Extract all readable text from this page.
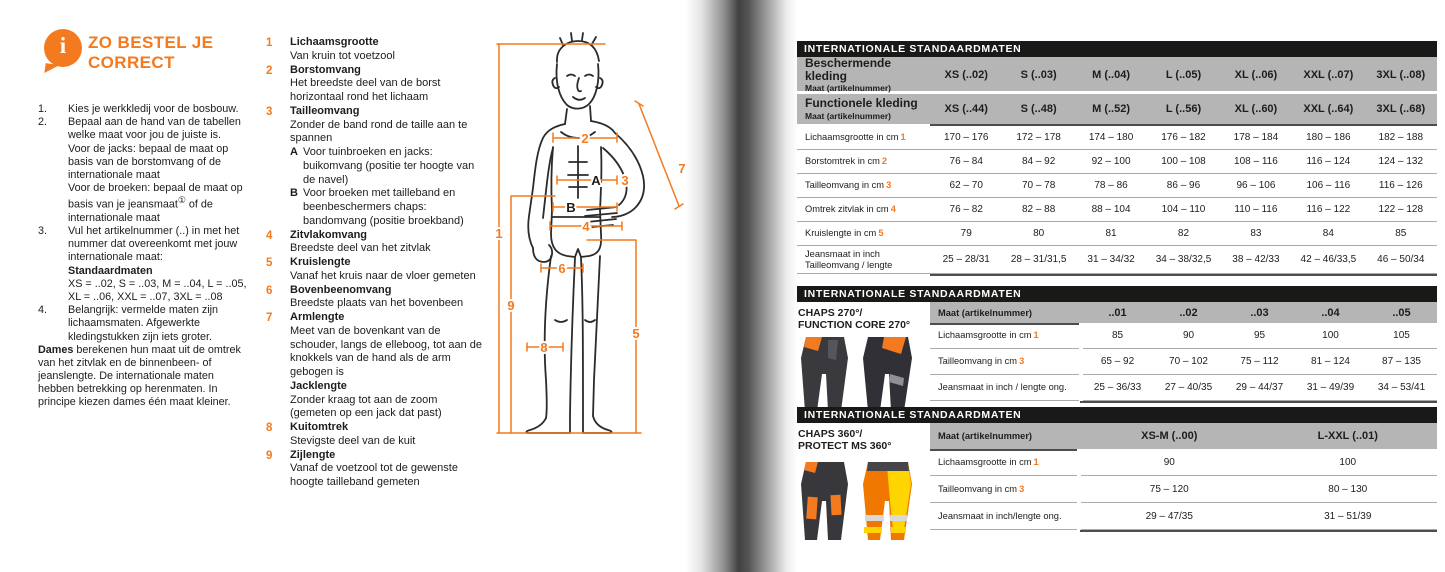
i	ZO BESTEL JE
CORRECT
1.	Kies je werkkledij voor de bosbouw.

2.	Bepaal aan de hand van de tabellen welke maat voor jou de juiste is.

Voor de jacks: bepaal de maat op basis van de borstomvang of de internationale maat

Voor de broeken: bepaal de maat op basis van je jeansmaat① of de internationale maat

3.	Vul het artikelnummer (..) in met het nummer dat overeenkomt met jouw internationale maat:

Standaardmaten

XS = ..02, S = ..03, M = ..04, L = ..05, XL = ..06, XXL = ..07, 3XL = ..08

4.	Belangrijk: vermelde maten zijn lichaamsmaten. Afgewerkte kledingstukken zijn iets groter.

Dames berekenen hun maat uit de omtrek van het zitvlak en de binnenbeen- of jeanslengte. De internationale maten hebben betrekking op herenmaten. In principe kiezen dames één maat kleiner.

1	Lichaamsgrootte

Van kruin tot voetzool

2	Borstomvang

Het breedste deel van de borst horizontaal rond het lichaam

3	Tailleomvang

Zonder de band rond de taille aan te spannen

A Voor tuinbroeken en jacks: buikomvang (positie ter hoogte van de navel)

B Voor broeken met tailleband en beenbeschermers chaps: bandomvang (positie broekband)

4	Zitvlakomvang

Breedste deel van het zitvlak

5	Kruislengte

Vanaf het kruis naar de vloer gemeten

6	Bovenbeenomvang

Breedste plaats van het bovenbeen

7	Armlengte

Meet van de bovenkant van de schouder, langs de elleboog, tot aan de knokkels van de hand als de arm gebogen is

Jacklengte

Zonder kraag tot aan de zoom (gemeten op een jack dat past)

8	Kuitomtrek

Stevigste deel van de kuit

9	Zijlengte

Vanaf de voetzool tot de gewenste hoogte tailleband gemeten

1
2
A 3
B
4
5
6
7
8
9
INTERNATIONALE STANDAARDMATEN
Beschermende kleding
Maat (artikelnummer)
XS (..02)	S (..03)	M (..04)	L (..05)	XL (..06)	XXL (..07)	3XL (..08)
Functionele kleding
Maat (artikelnummer)
XS (..44)	S (..48)	M (..52)	L (..56)	XL (..60)	XXL (..64)	3XL (..68)
Lichaamsgrootte in cm 1	170 – 176	172 – 178	174 – 180	176 – 182	178 – 184	180 – 186	182 – 188
Borstomtrek in cm 2	76 – 84	84 – 92	92 – 100	100 – 108	108 – 116	116 – 124	124 – 132
Tailleomvang in cm 3	62 – 70	70 – 78	78 – 86	86 – 96	96 – 106	106 – 116	116 – 126
Omtrek zitvlak in cm 4	76 – 82	82 – 88	88 – 104	104 – 110	110 – 116	116 – 122	122 – 128
Kruislengte in cm 5	79	80	81	82	83	84	85
Jeansmaat in inch
Tailleomvang / lengte	25 – 28/31	28 – 31/31,5	31 – 34/32	34 – 38/32,5	38 – 42/33	42 – 46/33,5	46 – 50/34
INTERNATIONALE STANDAARDMATEN
CHAPS 270°/
FUNCTION CORE 270°
Maat (artikelnummer)	..01	..02	..03	..04	..05
Lichaamsgrootte in cm 1	85	90	95	100	105
Tailleomvang in cm 3	65 – 92	70 – 102	75 – 112	81 – 124	87 – 135
Jeansmaat in inch / lengte ong.	25 – 36/33	27 – 40/35	29 – 44/37	31 – 49/39	34 – 53/41
INTERNATIONALE STANDAARDMATEN
CHAPS 360°/
PROTECT MS 360°
Maat (artikelnummer)	XS-M (..00)	L-XXL (..01)
Lichaamsgrootte in cm 1	90	100
Tailleomvang in cm 3	75 – 120	80 – 130
Jeansmaat in inch/lengte ong.	29 – 47/35	31 – 51/39
